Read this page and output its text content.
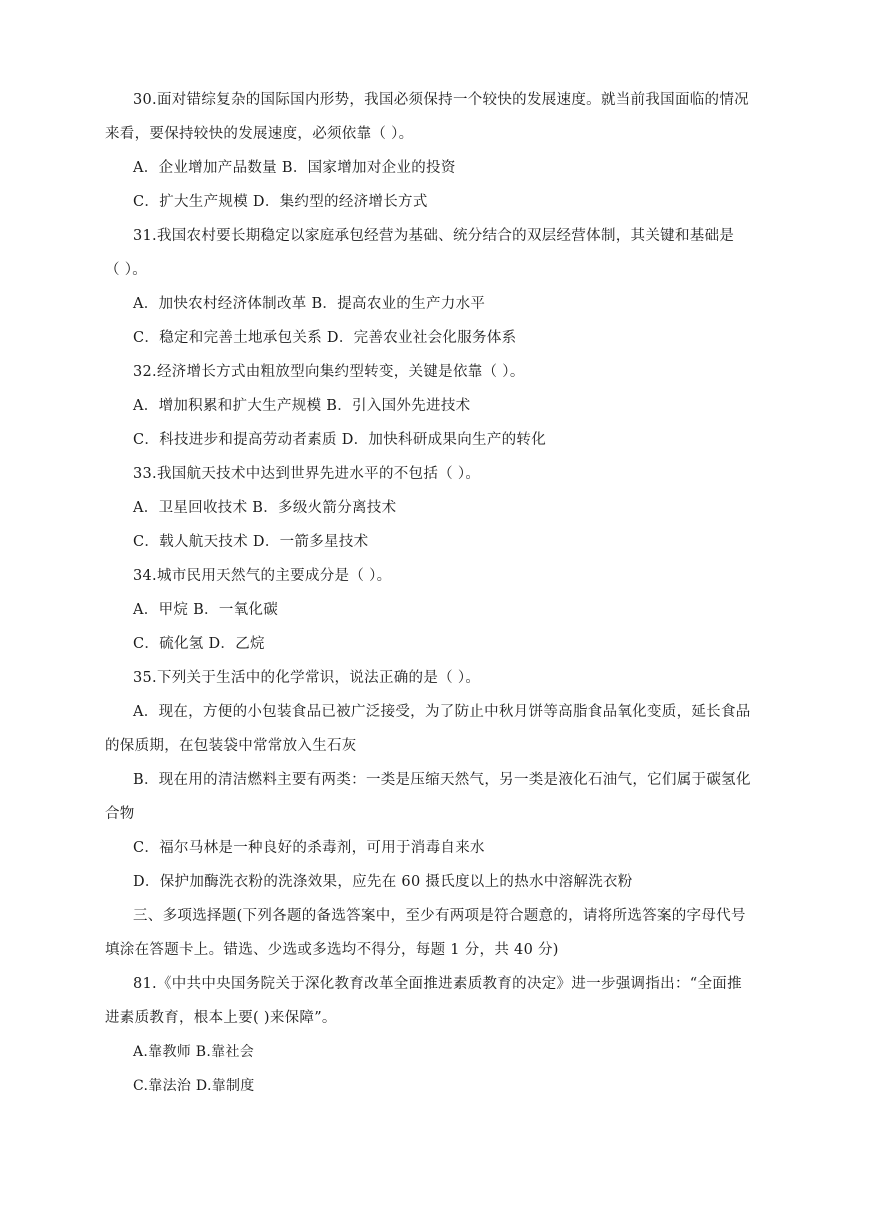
30.面对错综复杂的国际国内形势，我国必须保持一个较快的发展速度。就当前我国面临的情况
来看，要保持较快的发展速度，必须依靠（ ）。
A．企业增加产品数量 B．国家增加对企业的投资
C．扩大生产规模 D．集约型的经济增长方式
31.我国农村要长期稳定以家庭承包经营为基础、统分结合的双层经营体制，其关键和基础是
（ ）。
A．加快农村经济体制改革 B．提高农业的生产力水平
C．稳定和完善土地承包关系 D．完善农业社会化服务体系
32.经济增长方式由粗放型向集约型转变，关键是依靠（ ）。
A．增加积累和扩大生产规模 B．引入国外先进技术
C．科技进步和提高劳动者素质 D．加快科研成果向生产的转化
33.我国航天技术中达到世界先进水平的不包括（ ）。
A．卫星回收技术 B．多级火箭分离技术
C．载人航天技术 D．一箭多星技术
34.城市民用天然气的主要成分是（ ）。
A．甲烷 B．一氧化碳
C．硫化氢 D．乙烷
35.下列关于生活中的化学常识，说法正确的是（ ）。
A．现在，方便的小包装食品已被广泛接受，为了防止中秋月饼等高脂食品氧化变质，延长食品
的保质期，在包装袋中常常放入生石灰
B．现在用的清洁燃料主要有两类：一类是压缩天然气，另一类是液化石油气，它们属于碳氢化
合物
C．福尔马林是一种良好的杀毒剂，可用于消毒自来水
D．保护加酶洗衣粉的洗涤效果，应先在 60 摄氏度以上的热水中溶解洗衣粉
三、多项选择题(下列各题的备选答案中，至少有两项是符合题意的，请将所选答案的字母代号
填涂在答题卡上。错选、少选或多选均不得分，每题 1 分，共 40 分)
81.《中共中央国务院关于深化教育改革全面推进素质教育的决定》进一步强调指出：“全面推
进素质教育，根本上要( )来保障”。
A.靠教师 B.靠社会
C.靠法治 D.靠制度
